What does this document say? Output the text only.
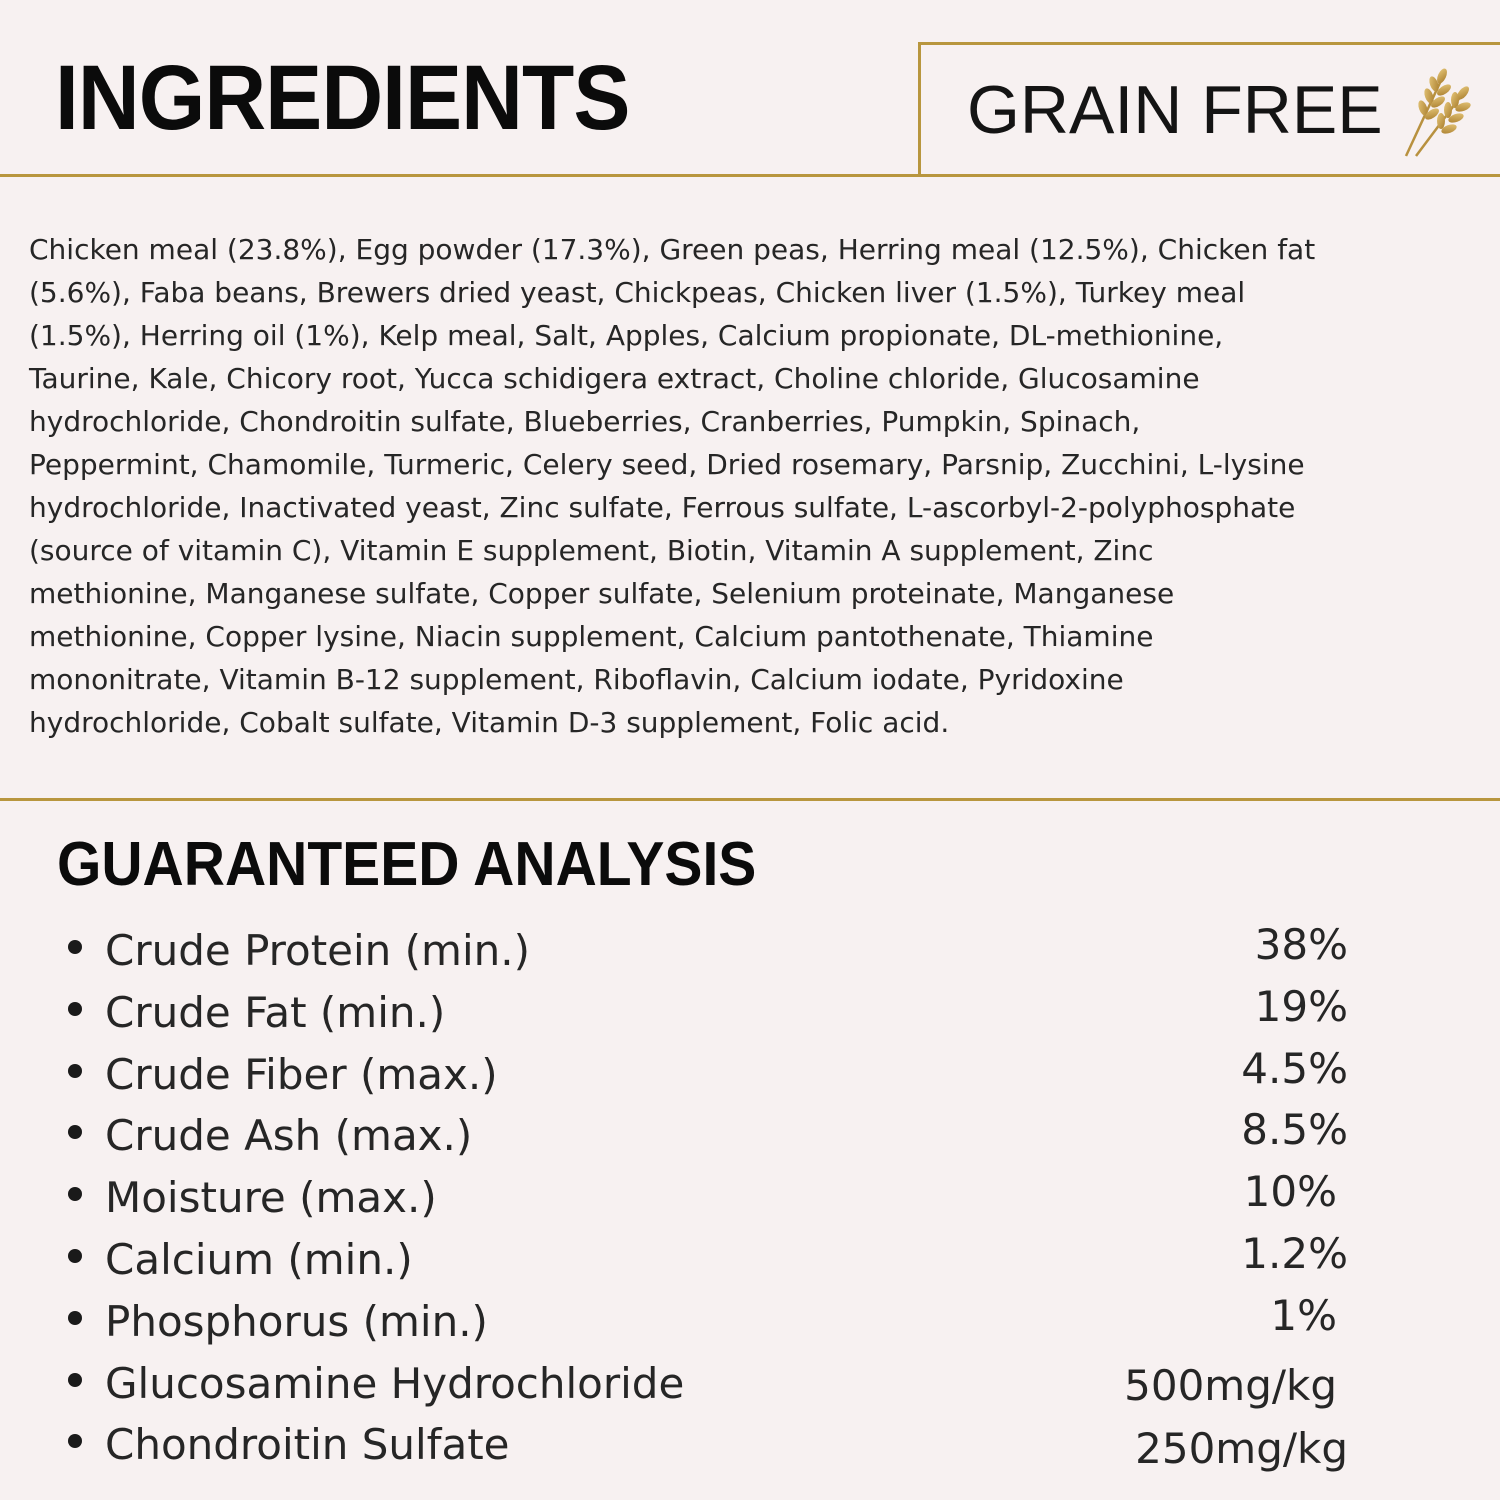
INGREDIENTS	GRAIN FREE

Chicken meal (23.8%), Egg powder (17.3%), Green peas, Herring meal (12.5%), Chicken fat
(5.6%), Faba beans, Brewers dried yeast, Chickpeas, Chicken liver (1.5%), Turkey meal
(1.5%), Herring oil (1%), Kelp meal, Salt, Apples, Calcium propionate, DL-methionine,
Taurine, Kale, Chicory root, Yucca schidigera extract, Choline chloride, Glucosamine
hydrochloride, Chondroitin sulfate, Blueberries, Cranberries, Pumpkin, Spinach,
Peppermint, Chamomile, Turmeric, Celery seed, Dried rosemary, Parsnip, Zucchini, L-lysine
hydrochloride, Inactivated yeast, Zinc sulfate, Ferrous sulfate, L-ascorbyl-2-polyphosphate
(source of vitamin C), Vitamin E supplement, Biotin, Vitamin A supplement, Zinc
methionine, Manganese sulfate, Copper sulfate, Selenium proteinate, Manganese
methionine, Copper lysine, Niacin supplement, Calcium pantothenate, Thiamine
mononitrate, Vitamin B-12 supplement, Riboflavin, Calcium iodate, Pyridoxine
hydrochloride, Cobalt sulfate, Vitamin D-3 supplement, Folic acid.

GUARANTEED ANALYSIS
Crude Protein (min.)	38%
Crude Fat (min.)	19%
Crude Fiber (max.)	4.5%
Crude Ash (max.)	8.5%
Moisture (max.)	10%
Calcium (min.)	1.2%
Phosphorus (min.)	1%
Glucosamine Hydrochloride	500mg/kg
Chondroitin Sulfate	250mg/kg
